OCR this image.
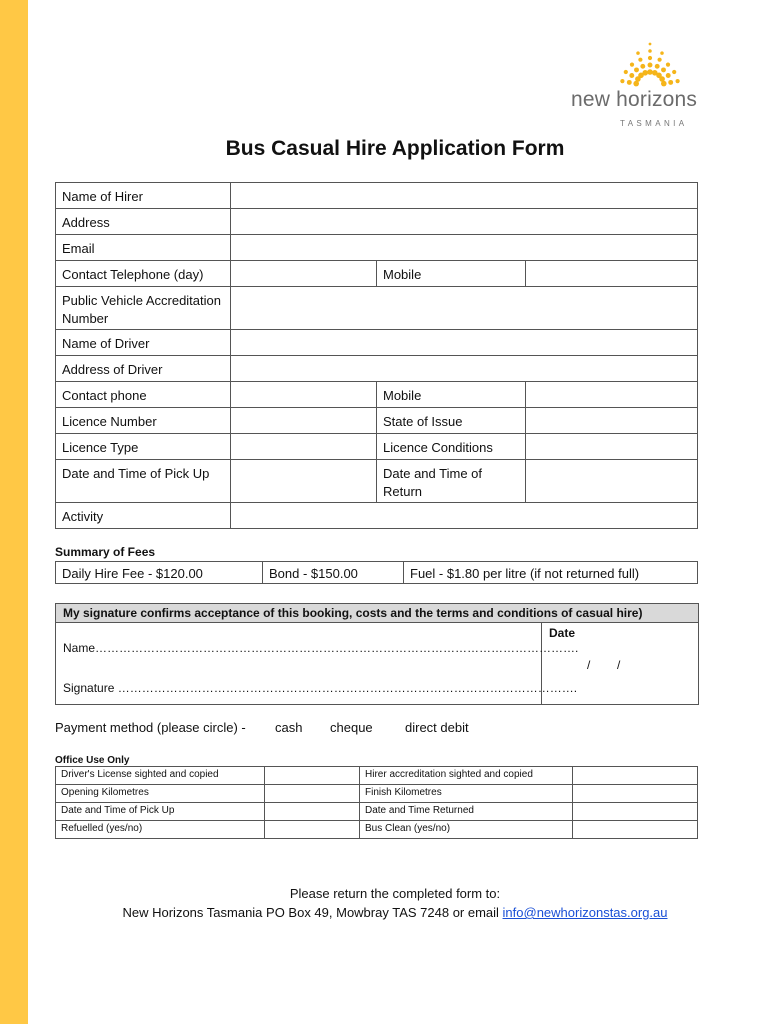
new horizons
TASMANIA
Bus Casual Hire Application Form
Name of Hirer			
Address			
Email			
Contact Telephone (day)		Mobile	
Public Vehicle Accreditation Number			
Name of Driver			
Address of Driver			
Contact phone		Mobile	
Licence Number		State of Issue	
Licence Type		Licence Conditions	
Date and Time of Pick Up		Date and Time of Return	
Activity			
Summary of Fees
Daily Hire Fee - $120.00	Bond - $150.00	Fuel - $1.80 per litre (if not returned full)
My signature confirms acceptance of this booking, costs and the terms and conditions of casual hire)
Name………………………………………………………………………………………………………….
Signature …………………………………………………………………………………………………….
Date
/        /
Payment method (please circle) - cash cheque direct debit
Office Use Only
Driver's License sighted and copied		Hirer accreditation sighted and copied	
Opening Kilometres		Finish Kilometres	
Date and Time of Pick Up		Date and Time Returned	
Refuelled (yes/no)		Bus Clean (yes/no)	
Please return the completed form to:
New Horizons Tasmania PO Box 49, Mowbray TAS 7248 or email info@newhorizonstas.org.au
